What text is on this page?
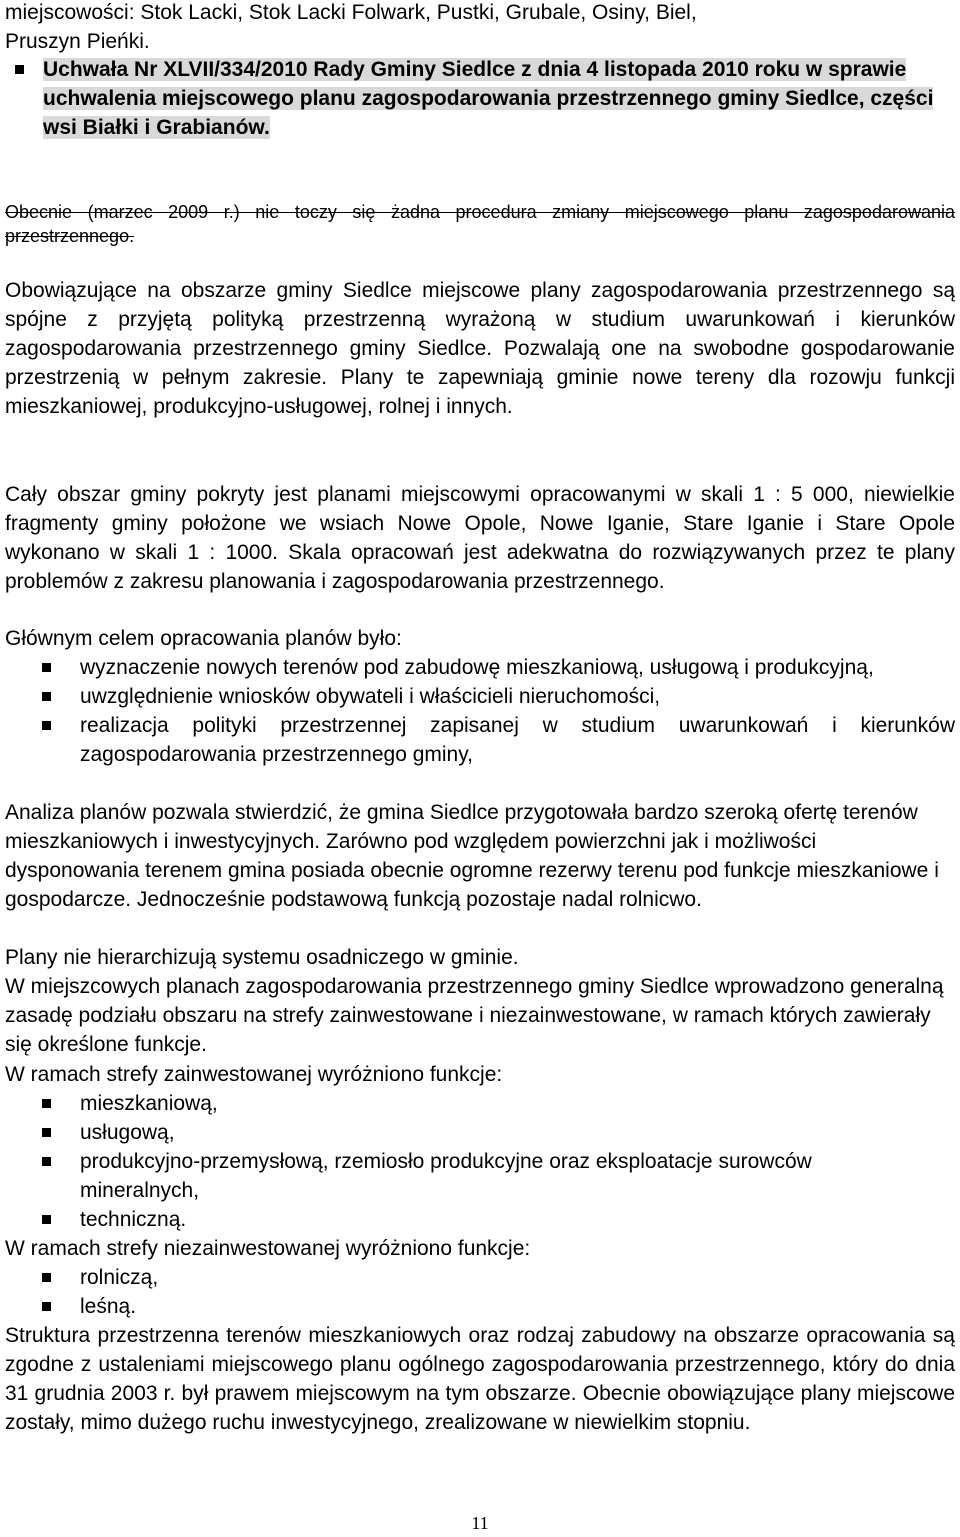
miejscowości: Stok Lacki, Stok Lacki Folwark, Pustki, Grubale, Osiny, Biel,

Pruszyn Pieńki.

Uchwała Nr XLVII/334/2010 Rady Gminy Siedlce z dnia 4 listopada 2010 roku w sprawie uchwalenia miejscowego planu zagospodarowania przestrzennego gminy Siedlce, części wsi Białki i Grabianów.

Obecnie (marzec 2009 r.) nie toczy się żadna procedura zmiany miejscowego planu zagospodarowania przestrzennego.

Obowiązujące na obszarze gminy Siedlce miejscowe plany zagospodarowania przestrzennego są spójne z przyjętą polityką przestrzenną wyrażoną w studium uwarunkowań i kierunków zagospodarowania przestrzennego gminy Siedlce. Pozwalają one na swobodne gospodarowanie przestrzenią w pełnym zakresie. Plany te zapewniają gminie nowe tereny dla rozowju funkcji mieszkaniowej, produkcyjno-usługowej, rolnej i innych.

Cały obszar gminy pokryty jest planami miejscowymi opracowanymi w skali 1 : 5 000, niewielkie fragmenty gminy położone we wsiach Nowe Opole, Nowe Iganie, Stare Iganie i Stare Opole wykonano w skali 1 : 1000. Skala opracowań jest adekwatna do rozwiązywanych przez te plany problemów z zakresu planowania i zagospodarowania przestrzennego.

Głównym celem opracowania planów było:

wyznaczenie nowych terenów pod zabudowę mieszkaniową, usługową i produkcyjną,

uwzględnienie wniosków obywateli i właścicieli nieruchomości,

realizacja polityki przestrzennej zapisanej w studium uwarunkowań i kierunków zagospodarowania przestrzennego gminy,

Analiza planów pozwala stwierdzić, że gmina Siedlce przygotowała bardzo szeroką ofertę terenów mieszkaniowych i inwestycyjnych. Zarówno pod względem powierzchni jak i możliwości dysponowania terenem gmina posiada obecnie ogromne rezerwy terenu pod funkcje mieszkaniowe i gospodarcze. Jednocześnie podstawową funkcją pozostaje nadal rolnicwo.

Plany nie hierarchizują systemu osadniczego w gminie.

W miejszcowych planach zagospodarowania przestrzennego gminy Siedlce wprowadzono generalną zasadę podziału obszaru na strefy zainwestowane i niezainwestowane, w ramach których zawierały się określone funkcje.

W ramach strefy zainwestowanej wyróżniono funkcje:

mieszkaniową,

usługową,

produkcyjno-przemysłową, rzemiosło produkcyjne oraz eksploatacje surowców mineralnych,

techniczną.

W ramach strefy niezainwestowanej wyróżniono funkcje:

rolniczą,

leśną.

Struktura przestrzenna terenów mieszkaniowych oraz rodzaj zabudowy na obszarze opracowania są zgodne z ustaleniami miejscowego planu ogólnego zagospodarowania przestrzennego, który do dnia 31 grudnia 2003 r. był prawem miejscowym na tym obszarze. Obecnie obowiązujące plany miejscowe zostały, mimo dużego ruchu inwestycyjnego, zrealizowane w niewielkim stopniu.

11
